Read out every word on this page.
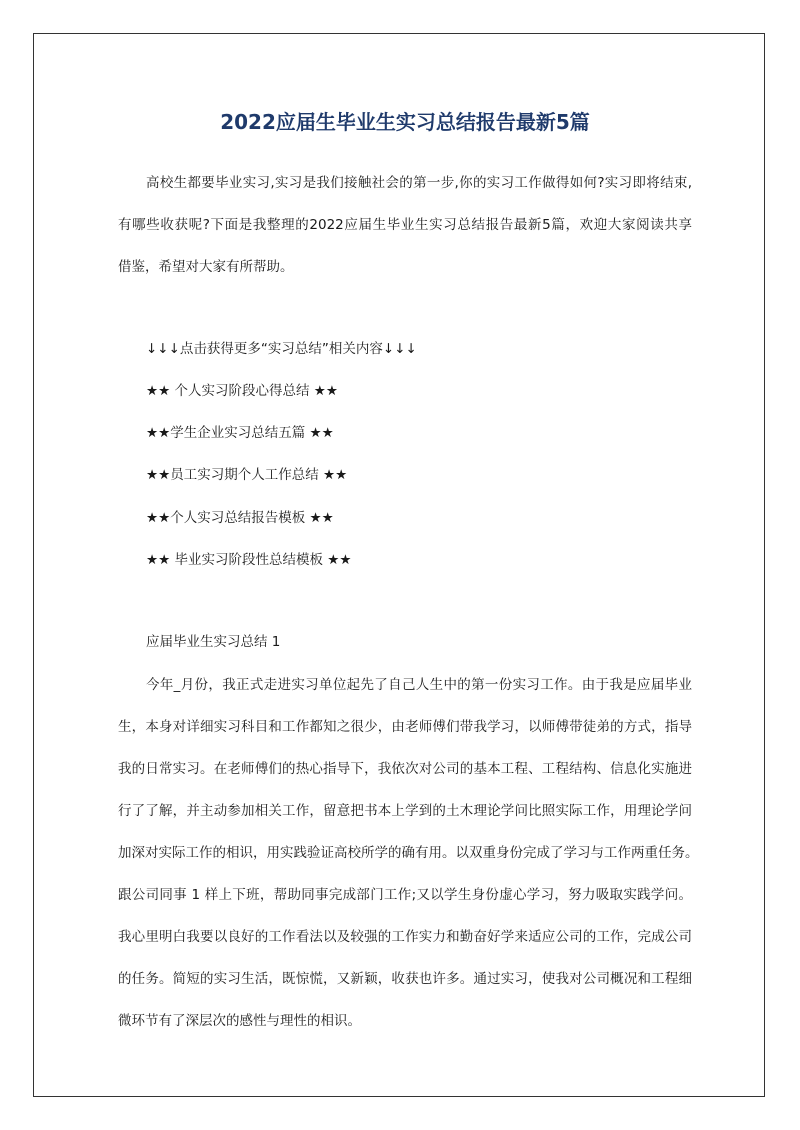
2022应届生毕业生实习总结报告最新5篇

高校生都要毕业实习,实习是我们接触社会的第一步,你的实习工作做得如何?实习即将结束,
有哪些收获呢?下面是我整理的2022应届生毕业生实习总结报告最新5篇，欢迎大家阅读共享
借鉴，希望对大家有所帮助。

↓↓↓点击获得更多“实习总结”相关内容↓↓↓

★★ 个人实习阶段心得总结 ★★
★★学生企业实习总结五篇 ★★
★★员工实习期个人工作总结 ★★
★★个人实习总结报告模板 ★★
★★ 毕业实习阶段性总结模板 ★★

应届毕业生实习总结 1

今年_月份，我正式走进实习单位起先了自己人生中的第一份实习工作。由于我是应届毕业
生，本身对详细实习科目和工作都知之很少，由老师傅们带我学习，以师傅带徒弟的方式，指导
我的日常实习。在老师傅们的热心指导下，我依次对公司的基本工程、工程结构、信息化实施进
行了了解，并主动参加相关工作，留意把书本上学到的土木理论学问比照实际工作，用理论学问
加深对实际工作的相识，用实践验证高校所学的确有用。以双重身份完成了学习与工作两重任务。
跟公司同事 1 样上下班，帮助同事完成部门工作;又以学生身份虚心学习，努力吸取实践学问。
我心里明白我要以良好的工作看法以及较强的工作实力和勤奋好学来适应公司的工作，完成公司
的任务。简短的实习生活，既惊慌，又新颖，收获也许多。通过实习，使我对公司概况和工程细
微环节有了深层次的感性与理性的相识。
